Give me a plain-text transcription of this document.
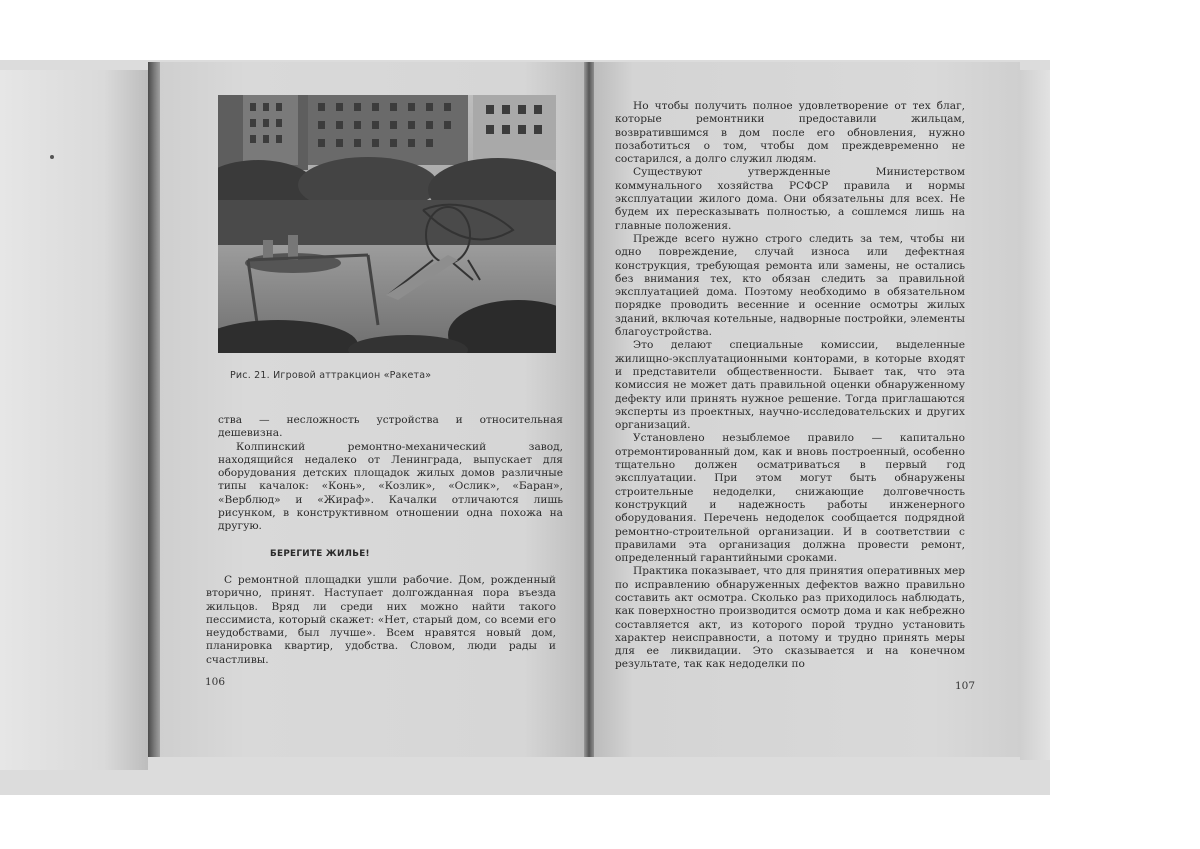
Рис. 21. Игровой аттракцион «Ракета»

ства — несложность устройства и относительная дешевизна.

Колпинский ремонтно-механический завод, находящийся недалеко от Ленинграда, выпускает для оборудования детских площадок жилых домов различные типы качалок: «Конь», «Козлик», «Ослик», «Баран», «Верблюд» и «Жираф». Качалки отличаются лишь рисунком, в конструктивном отношении одна похожа на другую.

БЕРЕГИТЕ ЖИЛЬЕ!

С ремонтной площадки ушли рабочие. Дом, рожденный вторично, принят. Наступает долгожданная пора въезда жильцов. Вряд ли среди них можно найти такого пессимиста, который скажет: «Нет, старый дом, со всеми его неудобствами, был лучше». Всем нравятся новый дом, планировка квартир, удобства. Словом, люди рады и счастливы.

106

Но чтобы получить полное удовлетворение от тех благ, которые ремонтники предоставили жильцам, возвратившимся в дом после его обновления, нужно позаботиться о том, чтобы дом преждевременно не состарился, а долго служил людям.

Существуют утвержденные Министерством коммунального хозяйства РСФСР правила и нормы эксплуатации жилого дома. Они обязательны для всех. Не будем их пересказывать полностью, а сошлемся лишь на главные положения.

Прежде всего нужно строго следить за тем, чтобы ни одно повреждение, случай износа или дефектная конструкция, требующая ремонта или замены, не остались без внимания тех, кто обязан следить за правильной эксплуатацией дома. Поэтому необходимо в обязательном порядке проводить весенние и осенние осмотры жилых зданий, включая котельные, надворные постройки, элементы благоустройства.

Это делают специальные комиссии, выделенные жилищно-эксплуатационными конторами, в которые входят и представители общественности. Бывает так, что эта комиссия не может дать правильной оценки обнаруженному дефекту или принять нужное решение. Тогда приглашаются эксперты из проектных, научно-исследовательских и других организаций.

Установлено незыблемое правило — капитально отремонтированный дом, как и вновь построенный, особенно тщательно должен осматриваться в первый год эксплуатации. При этом могут быть обнаружены строительные недоделки, снижающие долговечность конструкций и надежность работы инженерного оборудования. Перечень недоделок сообщается подрядной ремонтно-строительной организации. И в соответствии с правилами эта организация должна провести ремонт, определенный гарантийными сроками.

Практика показывает, что для принятия оперативных мер по исправлению обнаруженных дефектов важно правильно составить акт осмотра. Сколько раз приходилось наблюдать, как поверхностно производится осмотр дома и как небрежно составляется акт, из которого порой трудно установить характер неисправности, а потому и трудно принять меры для ее ликвидации. Это сказывается и на конечном результате, так как недоделки по

107
